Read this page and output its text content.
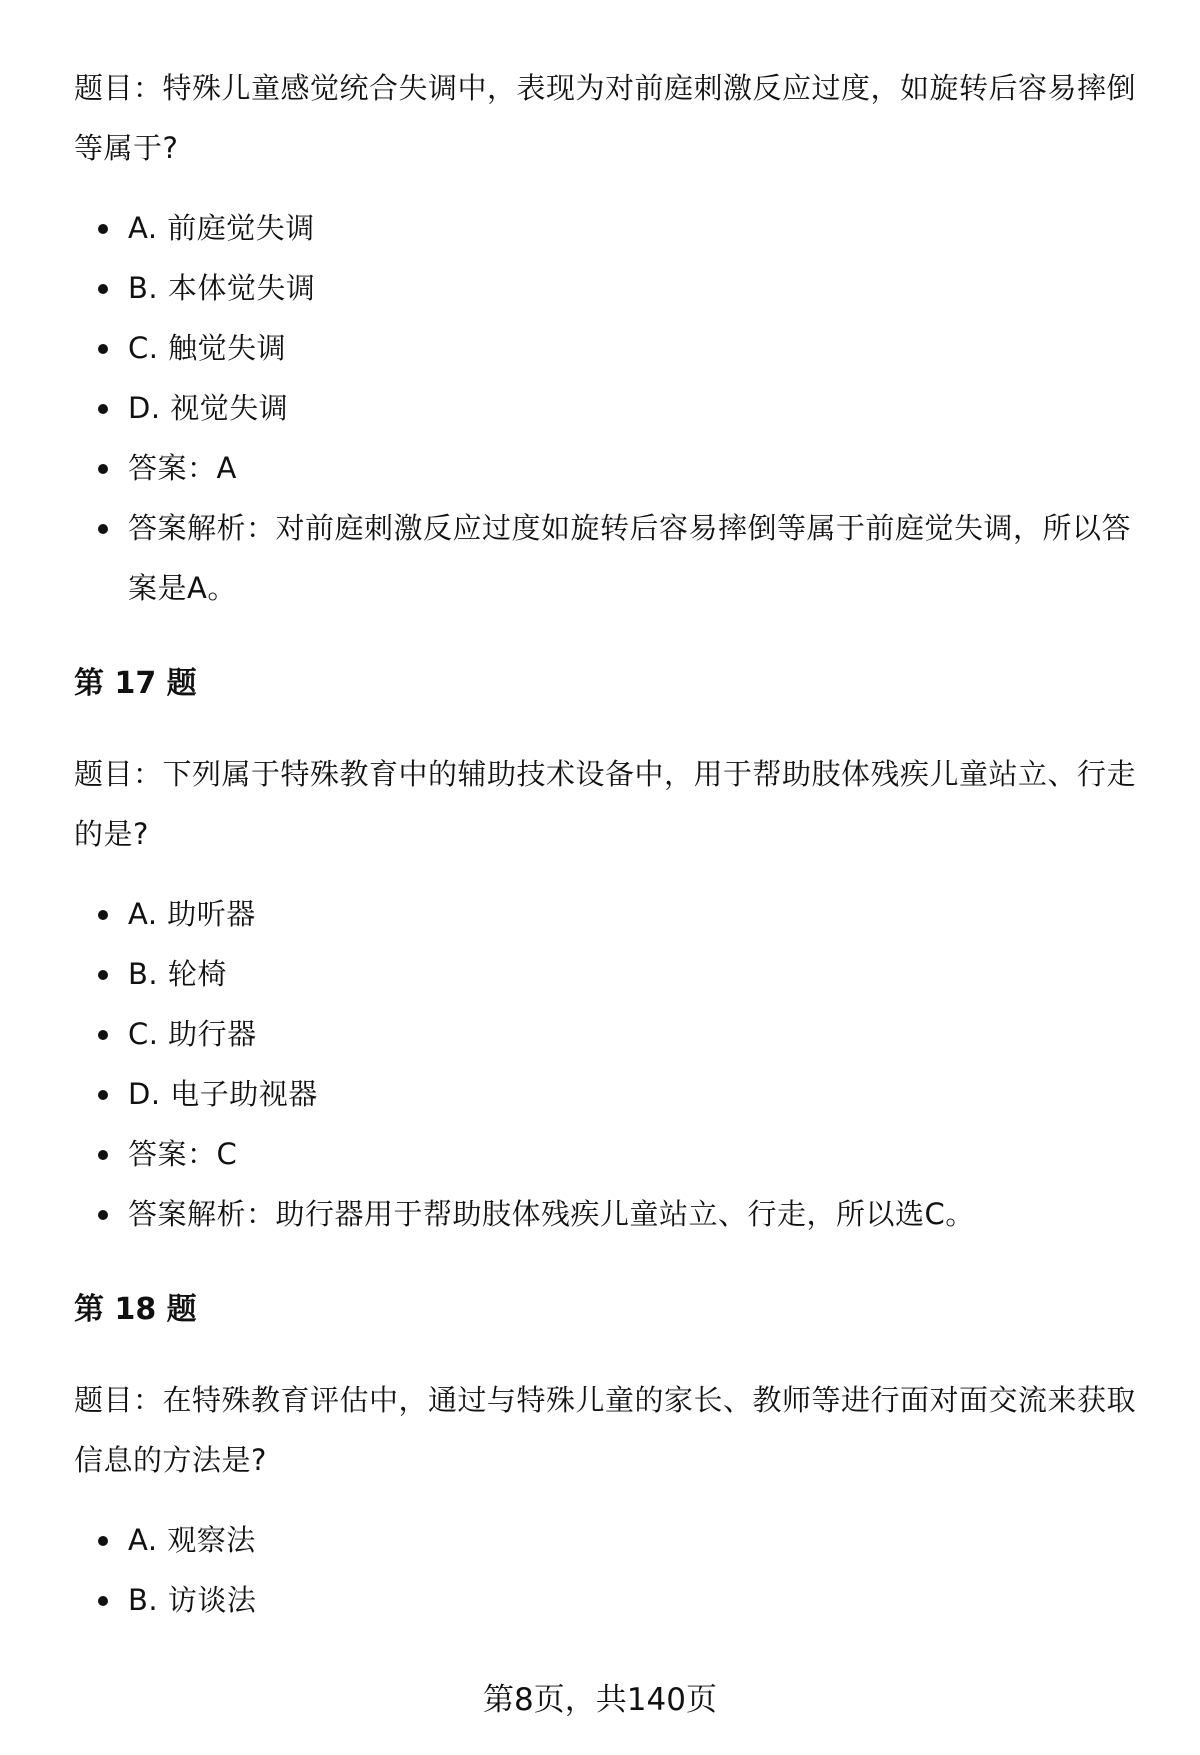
题目：特殊儿童感觉统合失调中，表现为对前庭刺激反应过度，如旋转后容易摔倒等属于?

A. 前庭觉失调
B. 本体觉失调
C. 触觉失调
D. 视觉失调
答案：A
答案解析：对前庭刺激反应过度如旋转后容易摔倒等属于前庭觉失调，所以答案是A。
第 17 题

题目：下列属于特殊教育中的辅助技术设备中，用于帮助肢体残疾儿童站立、行走的是?

A. 助听器
B. 轮椅
C. 助行器
D. 电子助视器
答案：C
答案解析：助行器用于帮助肢体残疾儿童站立、行走，所以选C。
第 18 题

题目：在特殊教育评估中，通过与特殊儿童的家长、教师等进行面对面交流来获取信息的方法是?

A. 观察法
B. 访谈法
第8页，共140页
